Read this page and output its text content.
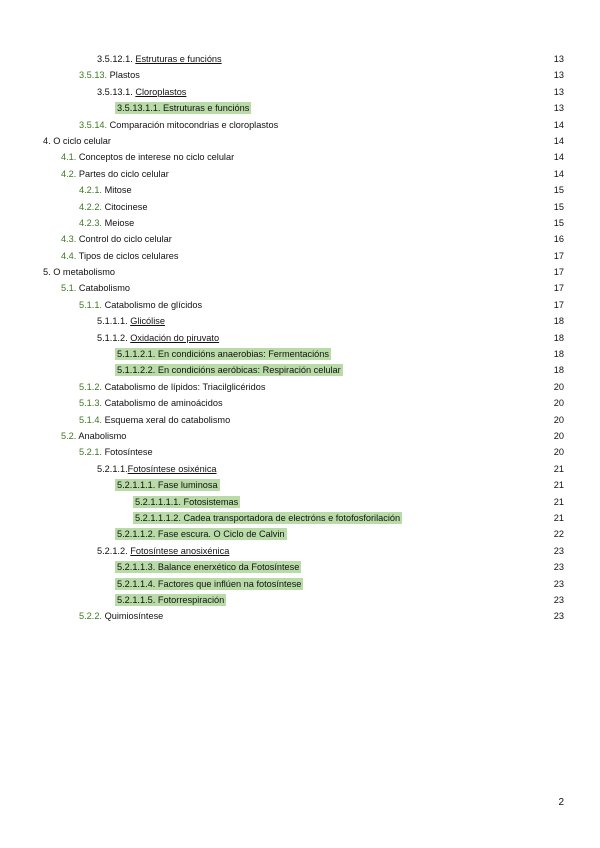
3.5.12.1. Estruturas e funcións	13
3.5.13. Plastos	13
3.5.13.1. Cloroplastos	13
3.5.13.1.1. Estruturas e funcións	13
3.5.14. Comparación mitocondrias e cloroplastos	14
4. O ciclo celular	14
4.1. Conceptos de interese no ciclo celular	14
4.2. Partes do ciclo celular	14
4.2.1. Mitose	15
4.2.2. Citocinese	15
4.2.3. Meiose	15
4.3. Control do ciclo celular	16
4.4. Tipos de ciclos celulares	17
5. O metabolismo	17
5.1. Catabolismo	17
5.1.1. Catabolismo de glícidos	17
5.1.1.1. Glicólise	18
5.1.1.2. Oxidación do piruvato	18
5.1.1.2.1. En condicións anaerobias: Fermentacións	18
5.1.1.2.2. En condicións aeróbicas: Respiración celular	18
5.1.2. Catabolismo de lípidos: Triacilglicéridos	20
5.1.3. Catabolismo de aminoácidos	20
5.1.4. Esquema xeral do catabolismo	20
5.2. Anabolismo	20
5.2.1. Fotosíntese	20
5.2.1.1.Fotosíntese osixénica	21
5.2.1.1.1. Fase luminosa	21
5.2.1.1.1.1. Fotosistemas	21
5.2.1.1.1.2. Cadea transportadora de electróns e fotofosforilación	21
5.2.1.1.2. Fase escura. O Ciclo de Calvin	22
5.2.1.2. Fotosíntese anosixénica	23
5.2.1.1.3. Balance enerxético da Fotosíntese	23
5.2.1.1.4. Factores que inflúen na fotosíntese	23
5.2.1.1.5. Fotorrespiración	23
5.2.2. Quimiosíntese	23
2
